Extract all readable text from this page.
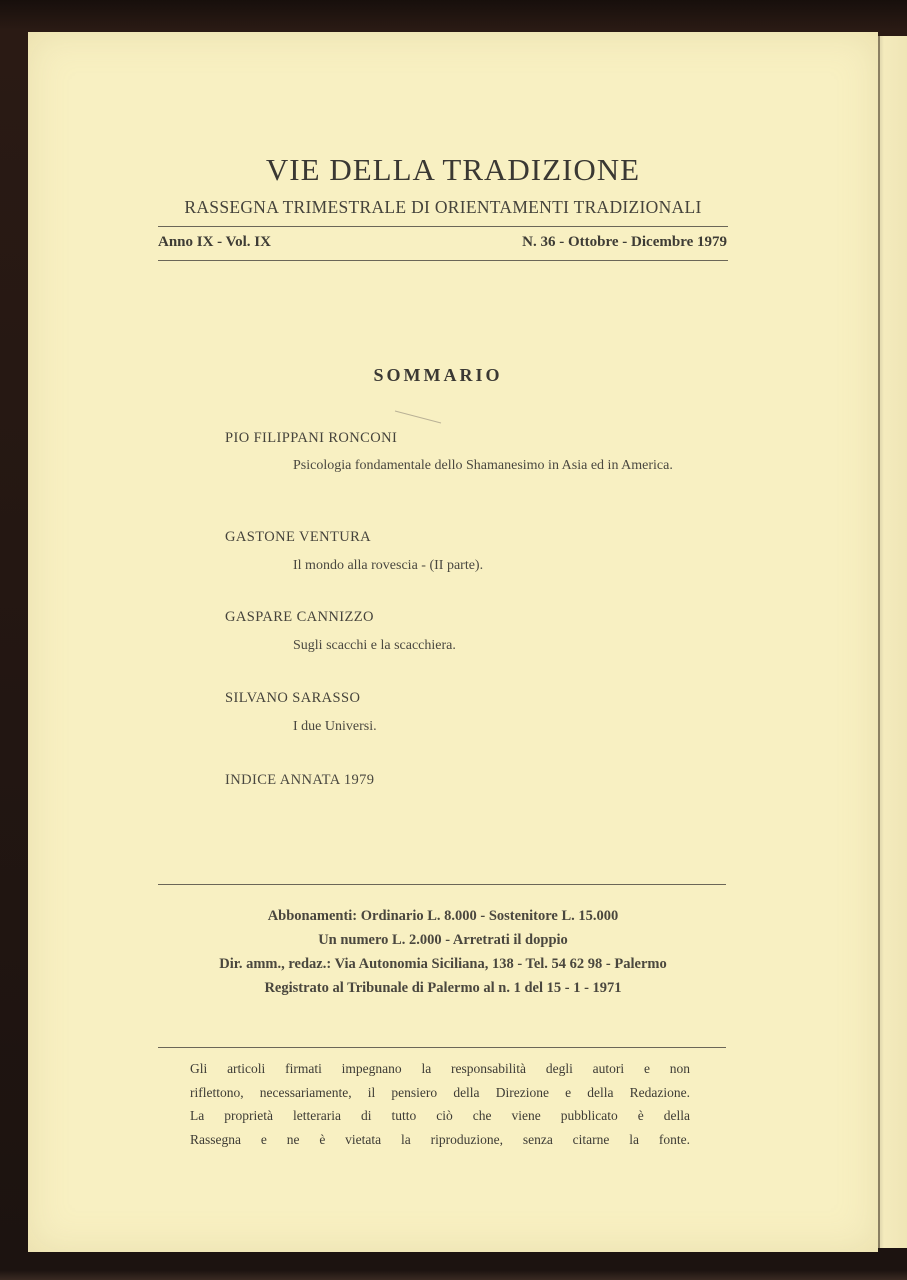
VIE DELLA TRADIZIONE
RASSEGNA TRIMESTRALE DI ORIENTAMENTI TRADIZIONALI
Anno IX - Vol. IX	N. 36 - Ottobre - Dicembre 1979
SOMMARIO
PIO FILIPPANI RONCONI
Psicologia fondamentale dello Shamanesimo in Asia ed in America.
GASTONE VENTURA
Il mondo alla rovescia - (II parte).
GASPARE CANNIZZO
Sugli scacchi e la scacchiera.
SILVANO SARASSO
I due Universi.
INDICE ANNATA 1979
Abbonamenti: Ordinario L. 8.000 - Sostenitore L. 15.000
Un numero L. 2.000 - Arretrati il doppio
Dir. amm., redaz.: Via Autonomia Siciliana, 138 - Tel. 54 62 98 - Palermo
Registrato al Tribunale di Palermo al n. 1 del 15 - 1 - 1971
Gli articoli firmati impegnano la responsabilità degli autori e non
riflettono, necessariamente, il pensiero della Direzione e della Redazione.
La proprietà letteraria di tutto ciò che viene pubblicato è della
Rassegna e ne è vietata la riproduzione, senza citarne la fonte.
